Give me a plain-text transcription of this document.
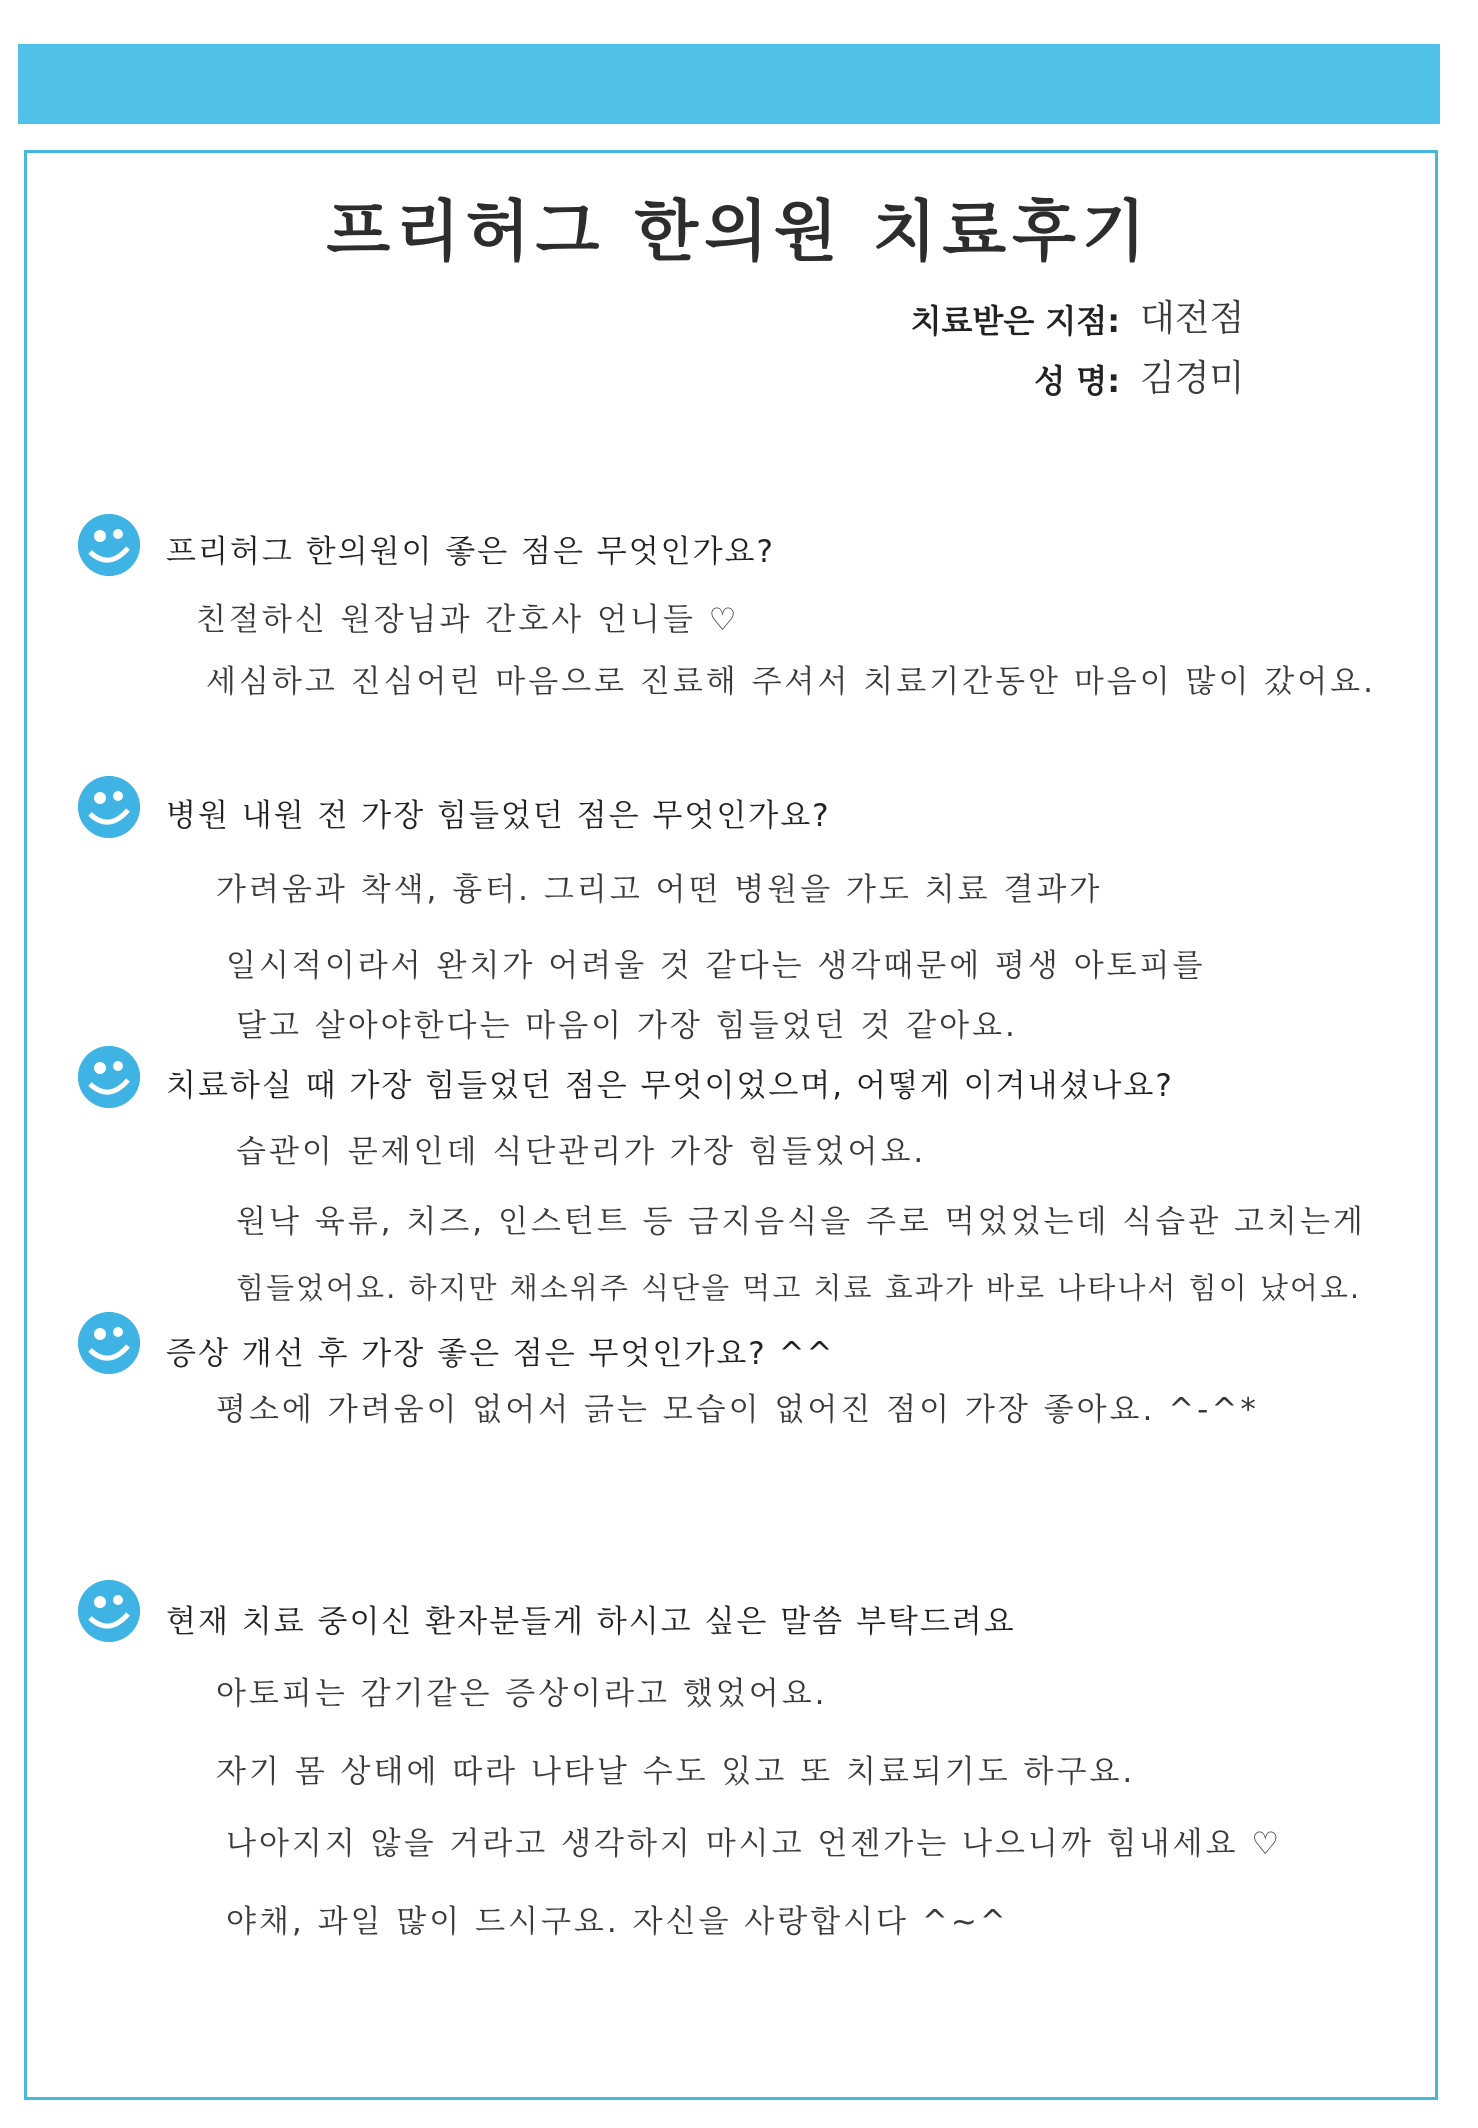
프리허그 한의원 치료후기
치료받은 지점: 대전점
성 명: 김경미
프리허그 한의원이 좋은 점은 무엇인가요?
친절하신 원장님과 간호사 언니들 ♡
세심하고 진심어린 마음으로 진료해 주셔서 치료기간동안 마음이 많이 갔어요.
병원 내원 전 가장 힘들었던 점은 무엇인가요?
가려움과 착색, 흉터. 그리고 어떤 병원을 가도 치료 결과가
일시적이라서 완치가 어려울 것 같다는 생각때문에 평생 아토피를
달고 살아야한다는 마음이 가장 힘들었던 것 같아요.
치료하실 때 가장 힘들었던 점은 무엇이었으며, 어떻게 이겨내셨나요?
습관이 문제인데 식단관리가 가장 힘들었어요.
원낙 육류, 치즈, 인스턴트 등 금지음식을 주로 먹었었는데 식습관 고치는게
힘들었어요. 하지만 채소위주 식단을 먹고 치료 효과가 바로 나타나서 힘이 났어요.
증상 개선 후 가장 좋은 점은 무엇인가요? ^^
평소에 가려움이 없어서 긁는 모습이 없어진 점이 가장 좋아요. ^-^*
현재 치료 중이신 환자분들게 하시고 싶은 말씀 부탁드려요
아토피는 감기같은 증상이라고 했었어요.
자기 몸 상태에 따라 나타날 수도 있고 또 치료되기도 하구요.
나아지지 않을 거라고 생각하지 마시고 언젠가는 나으니까 힘내세요 ♡
야채, 과일 많이 드시구요. 자신을 사랑합시다 ^~^
